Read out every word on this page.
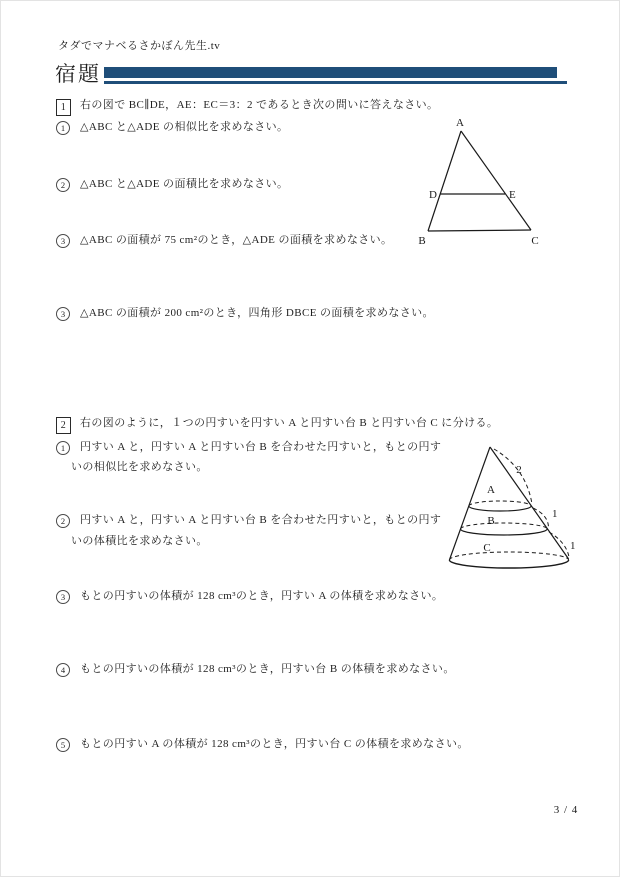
タダでマナベるさかぼん先生.tv
宿題
1 右の図で BC∥DE，AE：EC＝3：2 であるとき次の問いに答えなさい。
1 △ABC と△ADE の相似比を求めなさい。
2 △ABC と△ADE の面積比を求めなさい。
3 △ABC の面積が 75 cm²のとき，△ADE の面積を求めなさい。
3 △ABC の面積が 200 cm²のとき，四角形 DBCE の面積を求めなさい。
A
D	E
B	C
2 右の図のように，１つの円すいを円すい A と円すい台 B と円すい台 C に分ける。
1 円すい A と，円すい A と円すい台 B を合わせた円すいと，もとの円す
いの相似比を求めなさい。
2 円すい A と，円すい A と円すい台 B を合わせた円すいと，もとの円す
いの体積比を求めなさい。
3 もとの円すいの体積が 128 cm³のとき，円すい A の体積を求めなさい。
4 もとの円すいの体積が 128 cm³のとき，円すい台 B の体積を求めなさい。
5 もとの円すい A の体積が 128 cm³のとき，円すい台 C の体積を求めなさい。
A
B
C
2
1
1
3 / 4
